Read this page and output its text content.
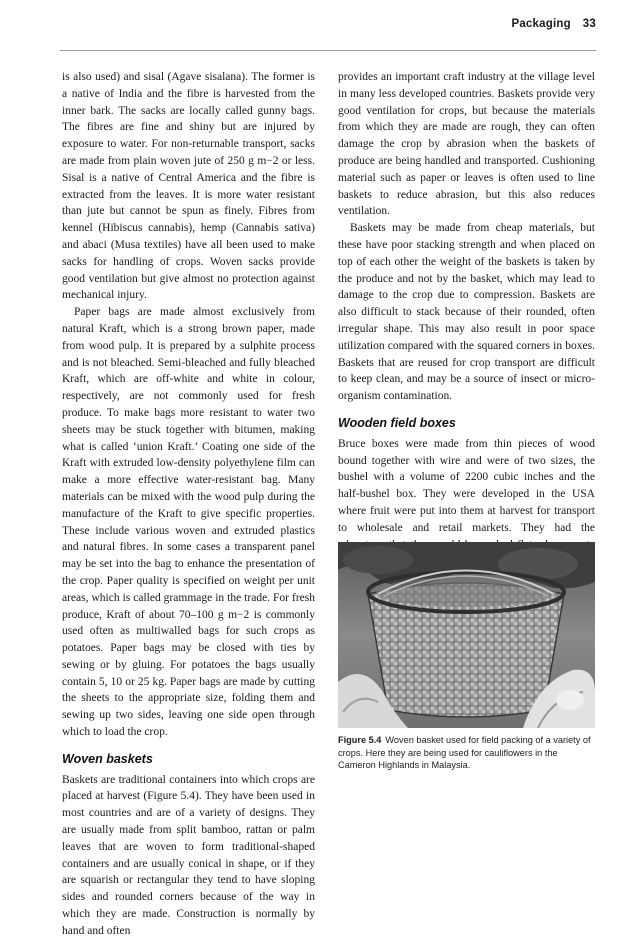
Packaging 33

is also used) and sisal (Agave sisalana). The former is a native of India and the fibre is harvested from the inner bark. The sacks are locally called gunny bags. The fibres are fine and shiny but are injured by exposure to water. For non-returnable transport, sacks are made from plain woven jute of 250 g m−2 or less. Sisal is a native of Central America and the fibre is extracted from the leaves. It is more water resistant than jute but cannot be spun as finely. Fibres from kennel (Hibiscus cannabis), hemp (Cannabis sativa) and abaci (Musa textiles) have all been used to make sacks for handling of crops. Woven sacks provide good ventilation but give almost no protection against mechanical injury.

Paper bags are made almost exclusively from natural Kraft, which is a strong brown paper, made from wood pulp. It is prepared by a sulphite process and is not bleached. Semi-bleached and fully bleached Kraft, which are off-white and white in colour, respectively, are not commonly used for fresh produce. To make bags more resistant to water two sheets may be stuck together with bitumen, making what is called ‘union Kraft.’ Coating one side of the Kraft with extruded low-density polyethylene film can make a more effective water-resistant bag. Many materials can be mixed with the wood pulp during the manufacture of the Kraft to give specific properties. These include various woven and extruded plastics and natural fibres. In some cases a transparent panel may be set into the bag to enhance the presentation of the crop. Paper quality is specified on weight per unit areas, which is called grammage in the trade. For fresh produce, Kraft of about 70–100 g m−2 is commonly used often as multiwalled bags for such crops as potatoes. Paper bags may be closed with ties by sewing or by gluing. For potatoes the bags usually contain 5, 10 or 25 kg. Paper bags are made by cutting the sheets to the appropriate size, folding them and sewing up two sides, leaving one side open through which to load the crop.

Woven baskets

Baskets are traditional containers into which crops are placed at harvest (Figure 5.4). They have been used in most countries and are of a variety of designs. They are usually made from split bamboo, rattan or palm leaves that are woven to form traditional-shaped containers and are usually conical in shape, or if they are squarish or rectangular they tend to have sloping sides and rounded corners because of the way in which they are made. Construction is normally by hand and often

provides an important craft industry at the village level in many less developed countries. Baskets provide very good ventilation for crops, but because the materials from which they are made are rough, they can often damage the crop by abrasion when the baskets of produce are being handled and transported. Cushioning material such as paper or leaves is often used to line baskets to reduce abrasion, but this also reduces ventilation.

Baskets may be made from cheap materials, but these have poor stacking strength and when placed on top of each other the weight of the baskets is taken by the produce and not by the basket, which may lead to damage to the crop due to compression. Baskets are also difficult to stack because of their rounded, often irregular shape. This may also result in poor space utilization compared with the squared corners in boxes. Baskets that are reused for crop transport are difficult to keep clean, and may be a source of insect or micro-organism contamination.

Wooden field boxes

Bruce boxes were made from thin pieces of wood bound together with wire and were of two sizes, the bushel with a volume of 2200 cubic inches and the half-bushel box. They were developed in the USA where fruit were put into them at harvest for transport to wholesale and retail markets. They had the

Figure 5.4 Woven basket used for field packing of a variety of crops. Here they are being used for cauliflowers in the Cameron Highlands in Malaysia.
